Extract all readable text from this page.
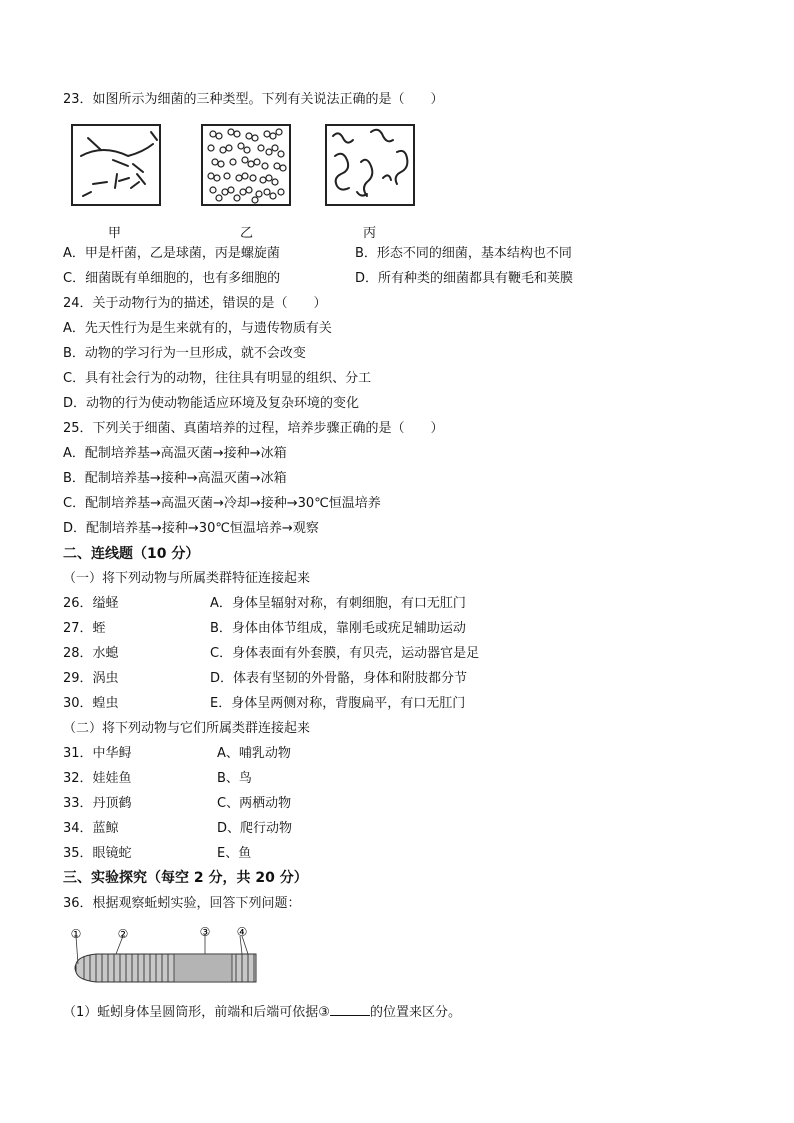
23．如图所示为细菌的三种类型。下列有关说法正确的是（　　）
甲	乙	丙
A．甲是杆菌，乙是球菌，丙是螺旋菌	B．形态不同的细菌，基本结构也不同
C．细菌既有单细胞的，也有多细胞的	D．所有种类的细菌都具有鞭毛和荚膜
24．关于动物行为的描述，错误的是（　　）
A．先天性行为是生来就有的，与遗传物质有关
B．动物的学习行为一旦形成，就不会改变
C．具有社会行为的动物，往往具有明显的组织、分工
D．动物的行为使动物能适应环境及复杂环境的变化
25．下列关于细菌、真菌培养的过程，培养步骤正确的是（　　）
A．配制培养基→高温灭菌→接种→冰箱
B．配制培养基→接种→高温灭菌→冰箱
C．配制培养基→高温灭菌→冷却→接种→30℃恒温培养
D．配制培养基→接种→30℃恒温培养→观察
二、连线题（10 分）
（一）将下列动物与所属类群特征连接起来
26．缢蛏	A．身体呈辐射对称，有刺细胞，有口无肛门
27．蛭	B．身体由体节组成，靠刚毛或疣足辅助运动
28．水螅	C．身体表面有外套膜，有贝壳，运动器官是足
29．涡虫	D．体表有坚韧的外骨骼，身体和附肢都分节
30．蝗虫	E．身体呈两侧对称，背腹扁平，有口无肛门
（二）将下列动物与它们所属类群连接起来
31．中华鲟	A、哺乳动物
32．娃娃鱼	B、鸟
33．丹顶鹤	C、两栖动物
34．蓝鲸	D、爬行动物
35．眼镜蛇	E、鱼
三、实验探究（每空 2 分，共 20 分）
36．根据观察蚯蚓实验，回答下列问题：
①	②	③ ④
（1）蚯蚓身体呈圆筒形，前端和后端可依据③	的位置来区分。
